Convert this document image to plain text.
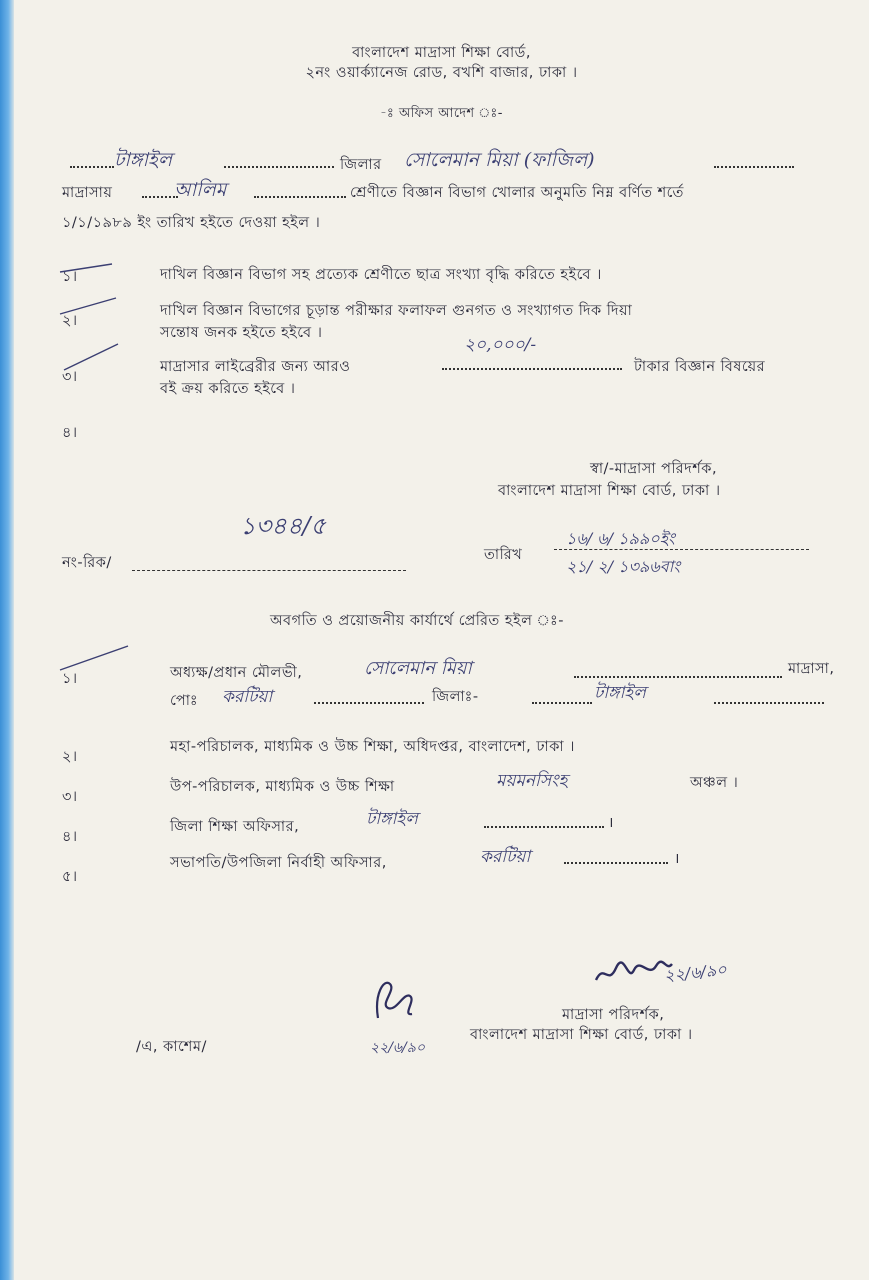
বাংলাদেশ মাদ্রাসা শিক্ষা বোর্ড,
২নং ওয়ার্ক্যানেজ রোড, বখশি বাজার, ঢাকা ।
-ঃ অফিস আদেশ ঃ-
টাঙ্গাইল	জিলার সোলেমান মিয়া (ফাজিল)
মাদ্রাসায়	আলিম	শ্রেণীতে বিজ্ঞান বিভাগ খোলার অনুমতি নিম্ন বর্ণিত শর্তে
১/১/১৯৮৯ ইং তারিখ হইতে দেওয়া হইল ।
১।	দাখিল বিজ্ঞান বিভাগ সহ প্রত্যেক শ্রেণীতে ছাত্র সংখ্যা বৃদ্ধি করিতে হইবে ।
২।
দাখিল বিজ্ঞান বিভাগের চূড়ান্ত পরীক্ষার ফলাফল গুনগত ও সংখ্যাগত দিক দিয়া
সন্তোষ জনক হইতে হইবে ।
৩।
মাদ্রাসার লাইব্রেরীর জন্য আরও
২০,০০০/-
টাকার বিজ্ঞান বিষয়ের
বই ক্রয় করিতে হইবে ।
৪।
স্বা/-মাদ্রাসা পরিদর্শক,
বাংলাদেশ মাদ্রাসা শিক্ষা বোর্ড, ঢাকা ।
১৩৪৪/৫
নং-রিক/	তারিখ
১৬/ ৬/ ১৯৯০ইং
২১/ ২/ ১৩৯৬বাং
অবগতি ও প্রয়োজনীয় কার্যার্থে প্রেরিত হইল ঃ-
১।	অধ্যক্ষ/প্রধান মৌলভী,	সোলেমান মিয়া	মাদ্রাসা,
পোঃ করটিয়া	জিলাঃ-	টাঙ্গাইল
২।
মহা-পরিচালক, মাধ্যমিক ও উচ্চ শিক্ষা, অধিদপ্তর, বাংলাদেশ, ঢাকা ।
৩।
উপ-পরিচালক, মাধ্যমিক ও উচ্চ শিক্ষা	ময়মনসিংহ	অঞ্চল ।
৪।
জিলা শিক্ষা অফিসার,	টাঙ্গাইল	।
৫।
সভাপতি/উপজিলা নির্বাহী অফিসার,	করটিয়া	।
২২/৬/৯০
মাদ্রাসা পরিদর্শক,
বাংলাদেশ মাদ্রাসা শিক্ষা বোর্ড, ঢাকা ।
২২/৬/৯০
/এ, কাশেম/
